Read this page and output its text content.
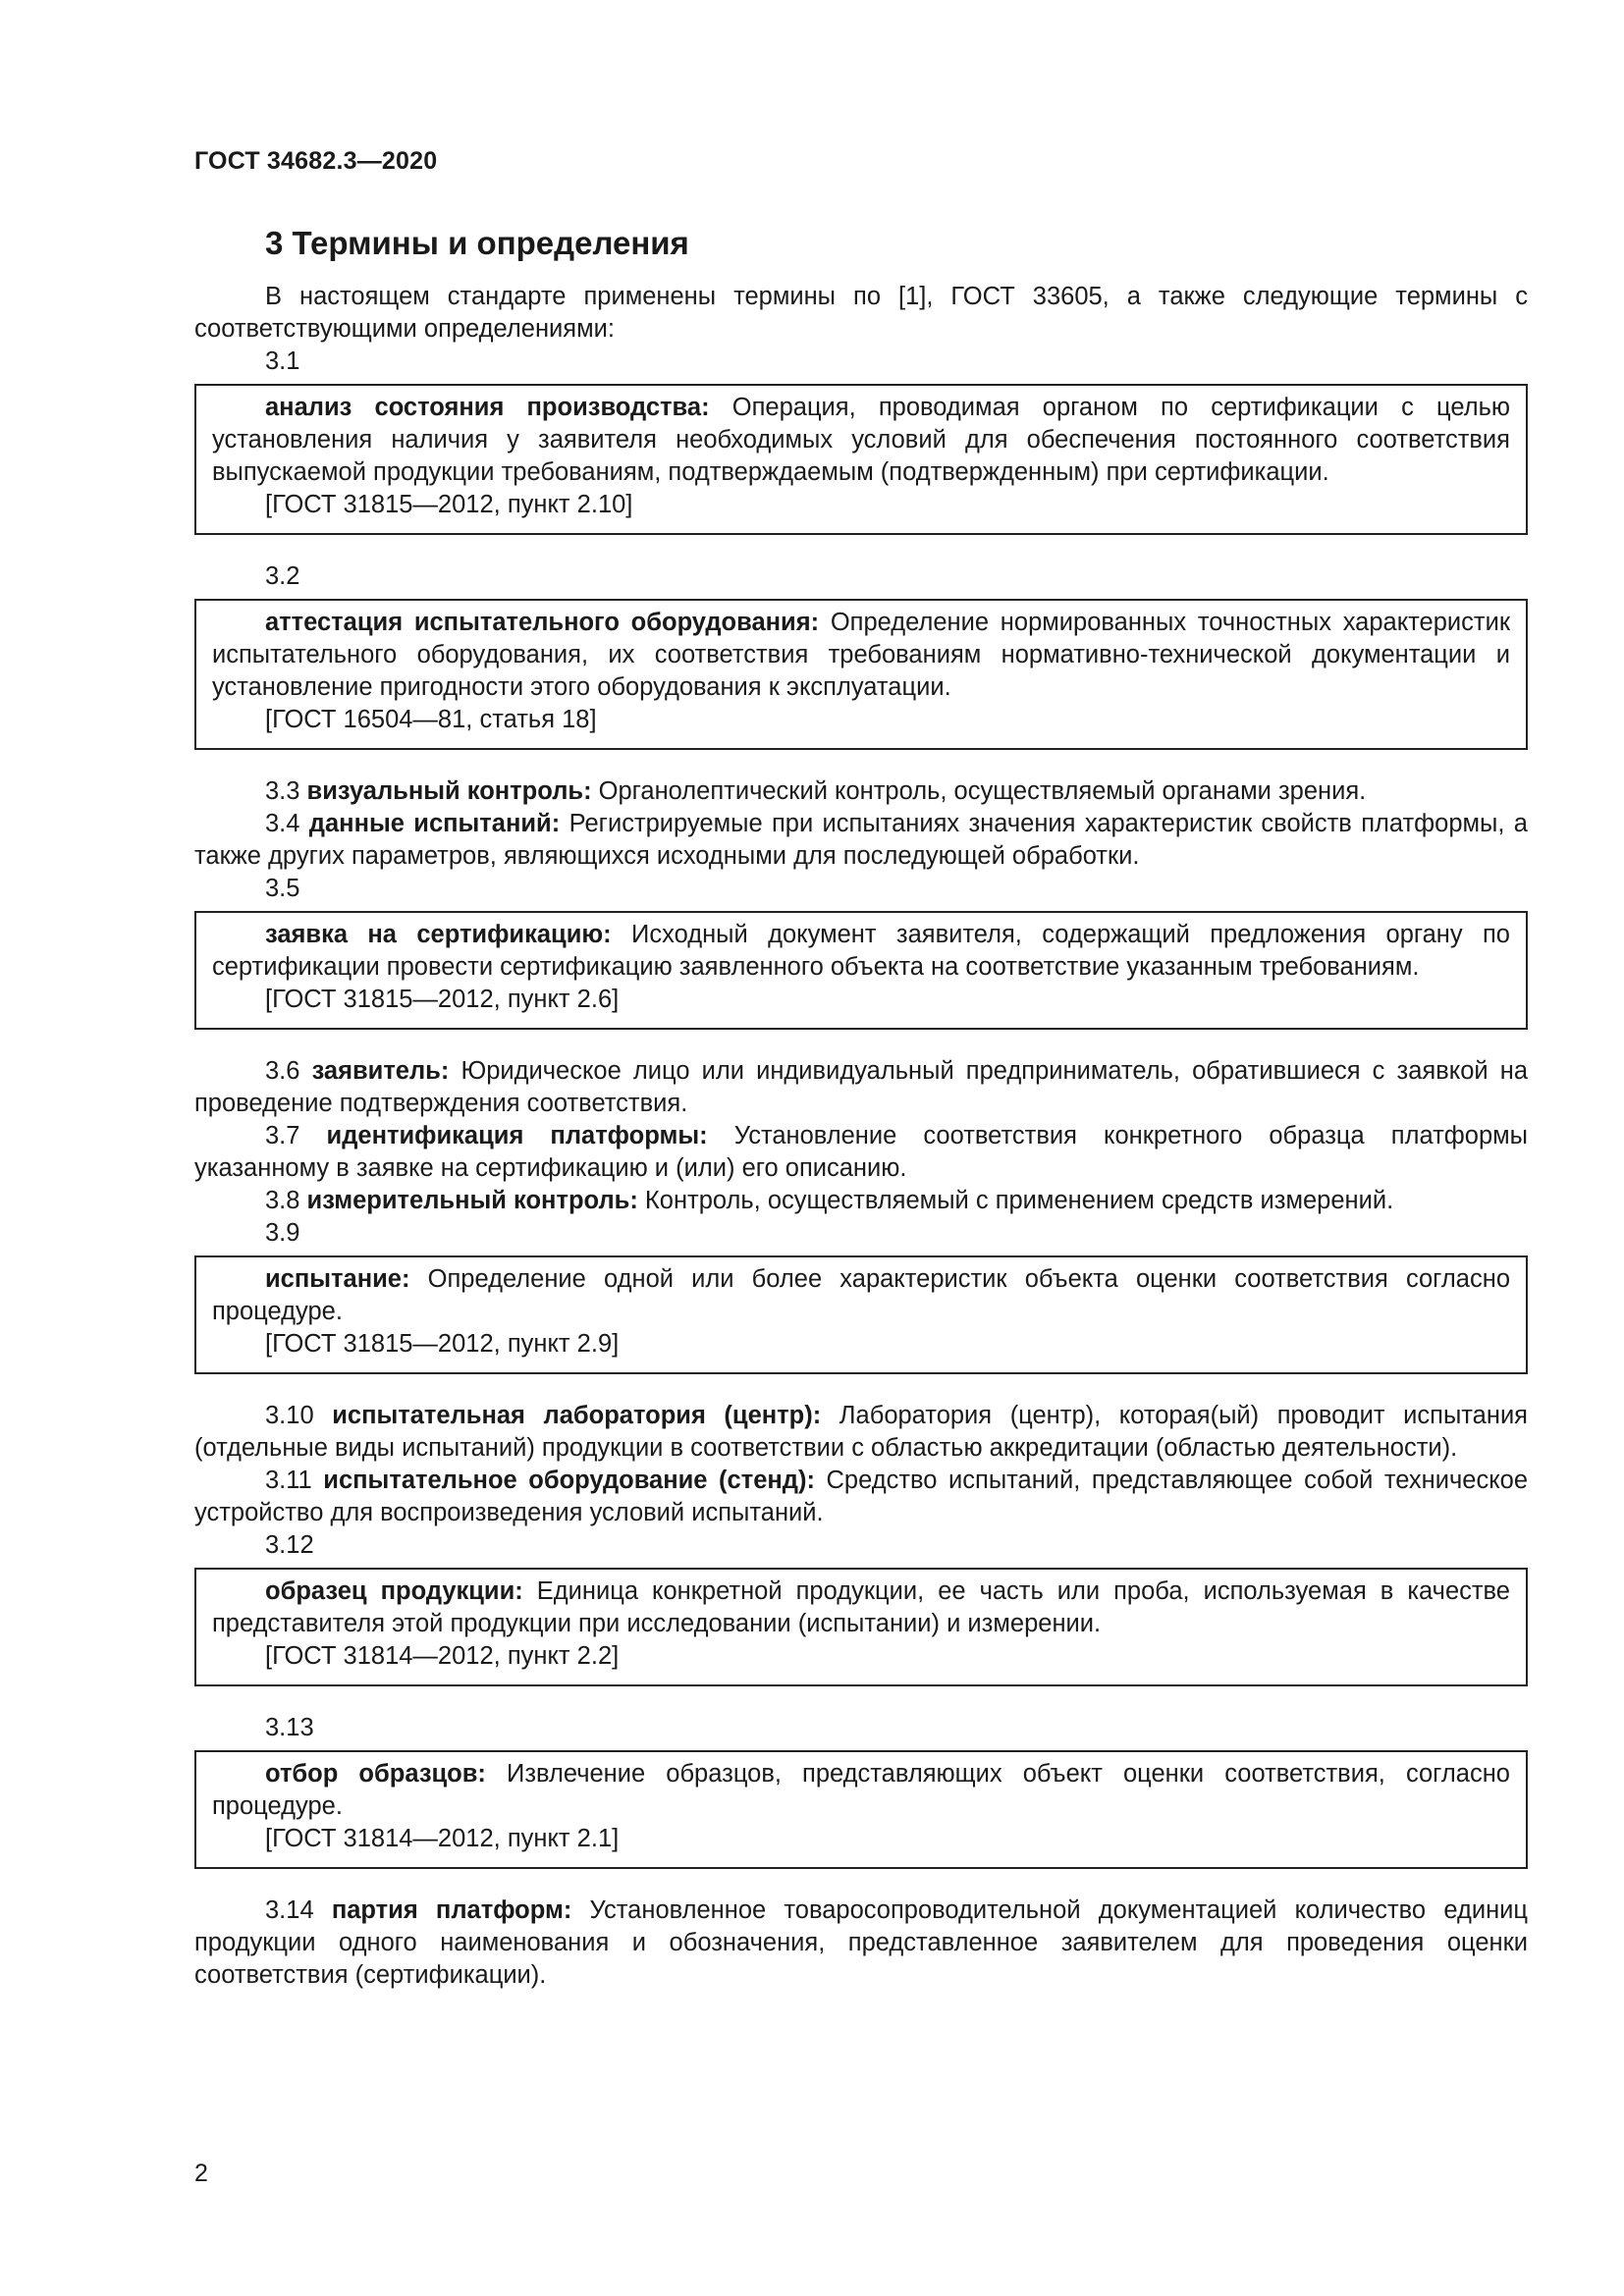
ГОСТ 34682.3—2020
3 Термины и определения

В настоящем стандарте применены термины по [1], ГОСТ 33605, а также следующие термины с соответствующими определениями:

3.1

анализ состояния производства: Операция, проводимая органом по сертификации с целью установления наличия у заявителя необходимых условий для обеспечения постоянного соответствия выпускаемой продукции требованиям, подтверждаемым (подтвержденным) при сертификации.

[ГОСТ 31815—2012, пункт 2.10]

3.2

аттестация испытательного оборудования: Определение нормированных точностных характеристик испытательного оборудования, их соответствия требованиям нормативно-технической документации и установление пригодности этого оборудования к эксплуатации.

[ГОСТ 16504—81, статья 18]

3.3 визуальный контроль: Органолептический контроль, осуществляемый органами зрения.

3.4 данные испытаний: Регистрируемые при испытаниях значения характеристик свойств платформы, а также других параметров, являющихся исходными для последующей обработки.

3.5

заявка на сертификацию: Исходный документ заявителя, содержащий предложения органу по сертификации провести сертификацию заявленного объекта на соответствие указанным требованиям.

[ГОСТ 31815—2012, пункт 2.6]

3.6 заявитель: Юридическое лицо или индивидуальный предприниматель, обратившиеся с заявкой на проведение подтверждения соответствия.

3.7 идентификация платформы: Установление соответствия конкретного образца платформы указанному в заявке на сертификацию и (или) его описанию.

3.8 измерительный контроль: Контроль, осуществляемый с применением средств измерений.

3.9

испытание: Определение одной или более характеристик объекта оценки соответствия согласно процедуре.

[ГОСТ 31815—2012, пункт 2.9]

3.10 испытательная лаборатория (центр): Лаборатория (центр), которая(ый) проводит испытания (отдельные виды испытаний) продукции в соответствии с областью аккредитации (областью деятельности).

3.11 испытательное оборудование (стенд): Средство испытаний, представляющее собой техническое устройство для воспроизведения условий испытаний.

3.12

образец продукции: Единица конкретной продукции, ее часть или проба, используемая в качестве представителя этой продукции при исследовании (испытании) и измерении.

[ГОСТ 31814—2012, пункт 2.2]

3.13

отбор образцов: Извлечение образцов, представляющих объект оценки соответствия, согласно процедуре.

[ГОСТ 31814—2012, пункт 2.1]

3.14 партия платформ: Установленное товаросопроводительной документацией количество единиц продукции одного наименования и обозначения, представленное заявителем для проведения оценки соответствия (сертификации).

2
